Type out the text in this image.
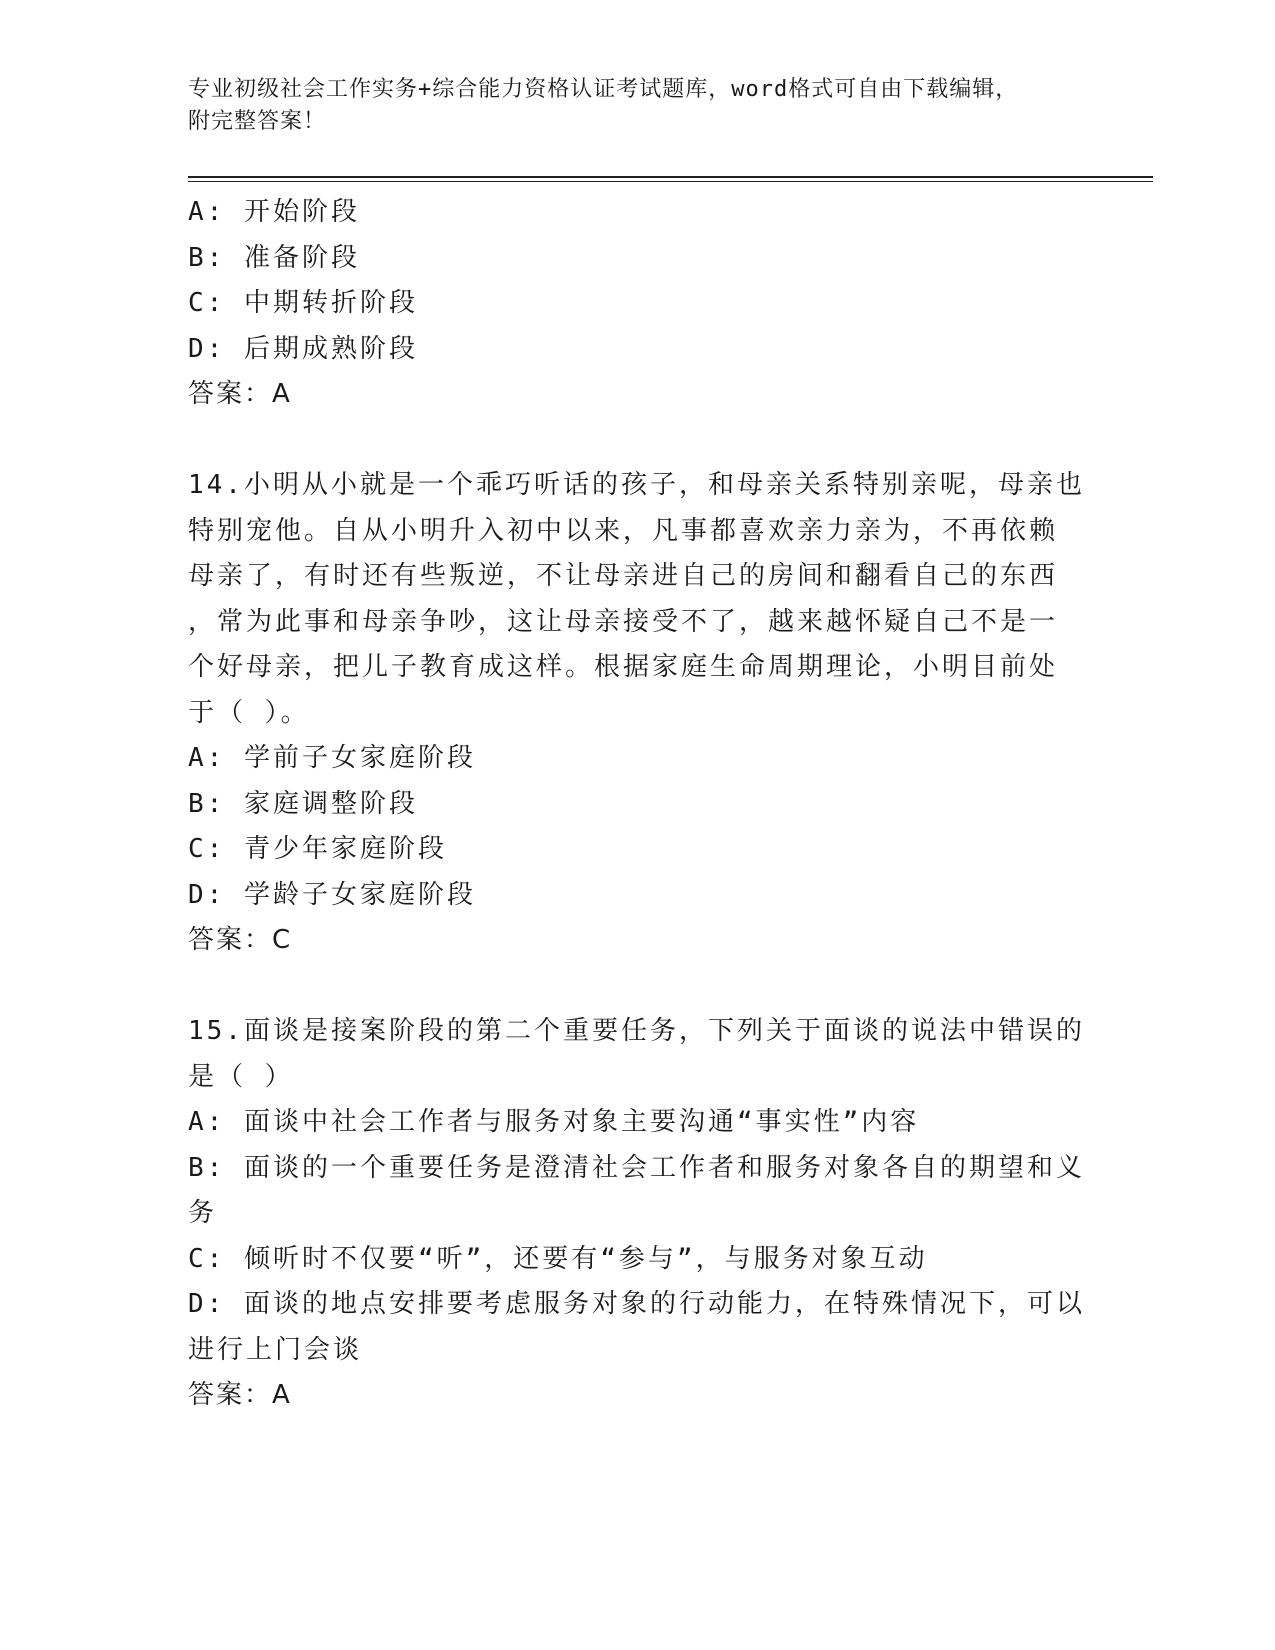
专业初级社会工作实务+综合能力资格认证考试题库，word格式可自由下载编辑，
附完整答案！
A: 开始阶段
B: 准备阶段
C: 中期转折阶段
D: 后期成熟阶段
答案：A
14.小明从小就是一个乖巧听话的孩子，和母亲关系特别亲呢，母亲也
特别宠他。自从小明升入初中以来，凡事都喜欢亲力亲为，不再依赖
母亲了，有时还有些叛逆，不让母亲进自己的房间和翻看自己的东西
，常为此事和母亲争吵，这让母亲接受不了，越来越怀疑自己不是一
个好母亲，把儿子教育成这样。根据家庭生命周期理论，小明目前处
于（ ）。
A: 学前子女家庭阶段
B: 家庭调整阶段
C: 青少年家庭阶段
D: 学龄子女家庭阶段
答案：C
15.面谈是接案阶段的第二个重要任务，下列关于面谈的说法中错误的
是（ ）
A: 面谈中社会工作者与服务对象主要沟通“事实性”内容
B: 面谈的一个重要任务是澄清社会工作者和服务对象各自的期望和义
务
C: 倾听时不仅要“听”，还要有“参与”，与服务对象互动
D: 面谈的地点安排要考虑服务对象的行动能力，在特殊情况下，可以
进行上门会谈
答案：A
